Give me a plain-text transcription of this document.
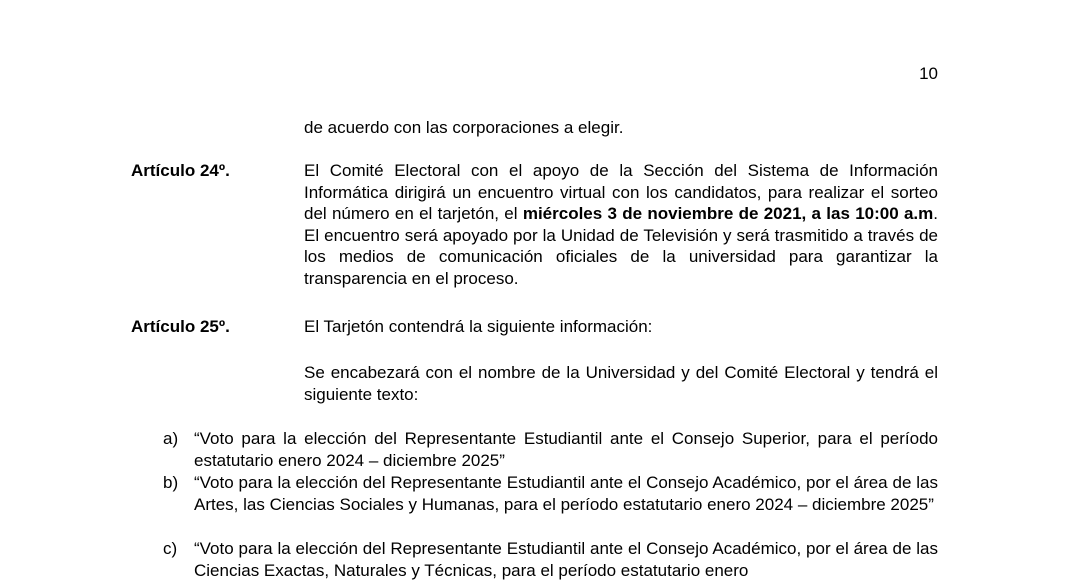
10
de acuerdo con las corporaciones a elegir.
Artículo 24º.	El Comité Electoral con el apoyo de la Sección del Sistema de Información Informática dirigirá un encuentro virtual con los candidatos, para realizar el sorteo del número en el tarjetón, el miércoles 3 de noviembre de 2021, a las 10:00 a.m. El encuentro será apoyado por la Unidad de Televisión y será trasmitido a través de los medios de comunicación oficiales de la universidad para garantizar la transparencia en el proceso.
Artículo 25º.	El Tarjetón contendrá la siguiente información:
Se encabezará con el nombre de la Universidad y del Comité Electoral y tendrá el siguiente texto:
a) “Voto para la elección del Representante Estudiantil ante el Consejo Superior, para el período estatutario enero 2024 – diciembre 2025”
b) “Voto para la elección del Representante Estudiantil ante el Consejo Académico, por el área de las Artes, las Ciencias Sociales y Humanas, para el período estatutario enero 2024 – diciembre 2025”
c) “Voto para la elección del Representante Estudiantil ante el Consejo Académico, por el área de las Ciencias Exactas, Naturales y Técnicas, para el período estatutario enero
